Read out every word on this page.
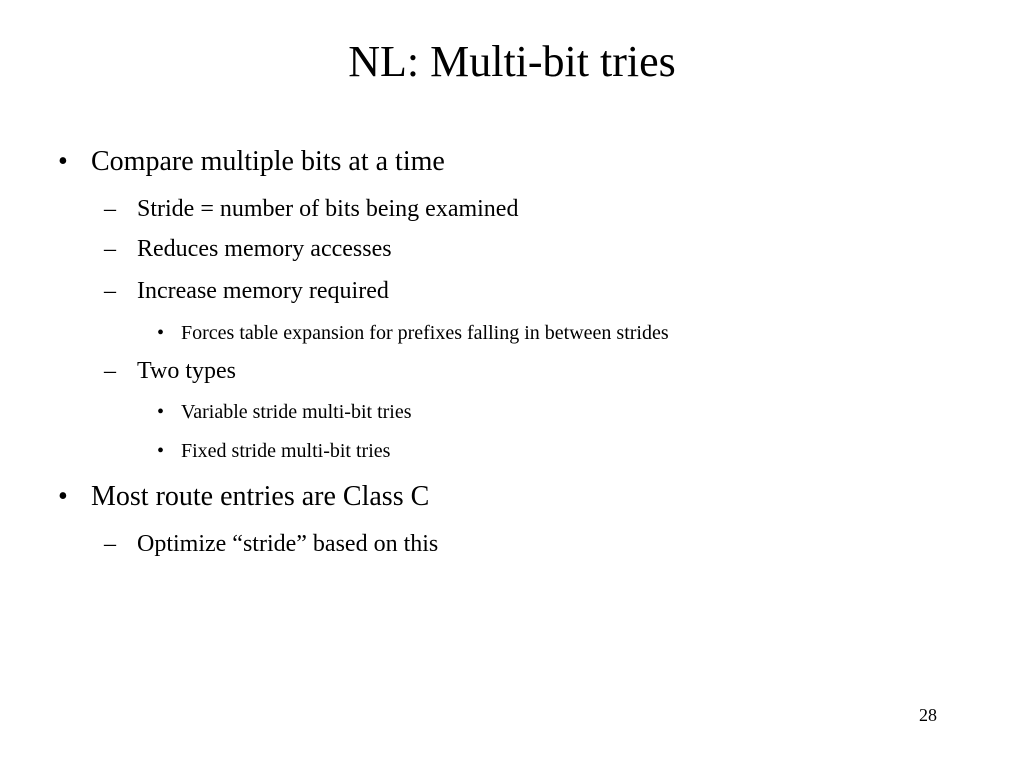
NL: Multi-bit tries
• Compare multiple bits at a time
– Stride = number of bits being examined
– Reduces memory accesses
– Increase memory required
• Forces table expansion for prefixes falling in between strides
– Two types
• Variable stride multi-bit tries
• Fixed stride multi-bit tries
• Most route entries are Class C
– Optimize “stride” based on this
28
